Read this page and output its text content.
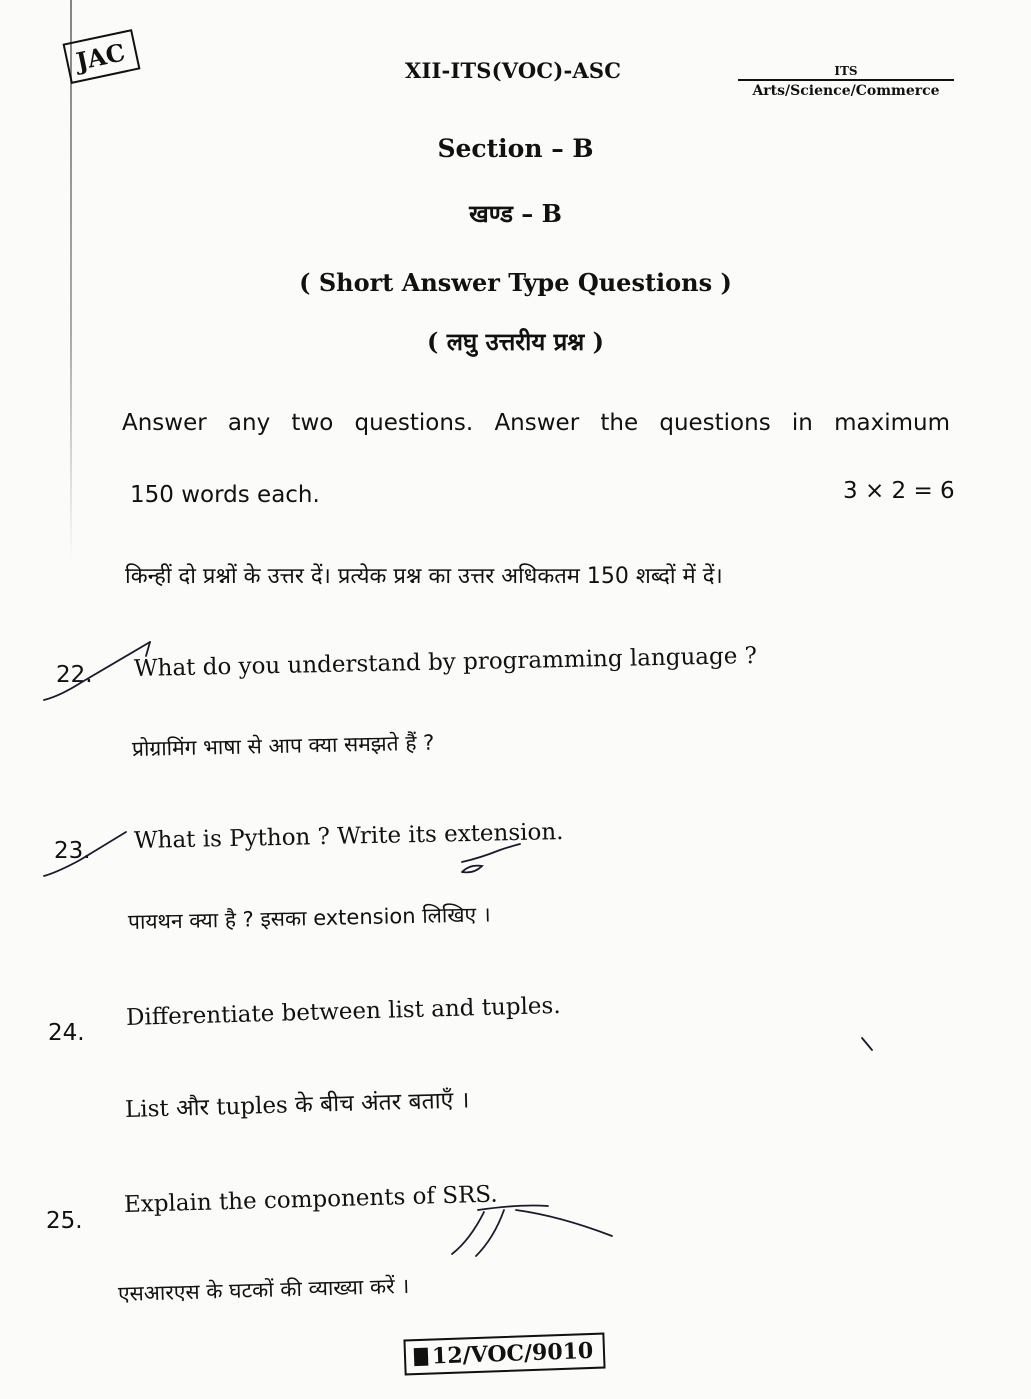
JAC	XII-ITS(VOC)-ASC	ITS
Arts/Science/Commerce
Section – B
खण्ड – B
( Short Answer Type Questions )
( लघु उत्तरीय प्रश्न )
Answer any two questions. Answer the questions in maximum
150 words each.	3 × 2 = 6
किन्हीं दो प्रश्नों के उत्तर दें। प्रत्येक प्रश्न का उत्तर अधिकतम 150 शब्दों में दें।
22. What do you understand by programming language ?
प्रोग्रामिंग भाषा से आप क्या समझते हैं ?
23. What is Python ? Write its extension.
पायथन क्या है ? इसका extension लिखिए ।
24.
Differentiate between list and tuples.
List और tuples के बीच अंतर बताएँ ।
25.
Explain the components of SRS.
एसआरएस के घटकों की व्याख्या करें ।
12/VOC/9010
